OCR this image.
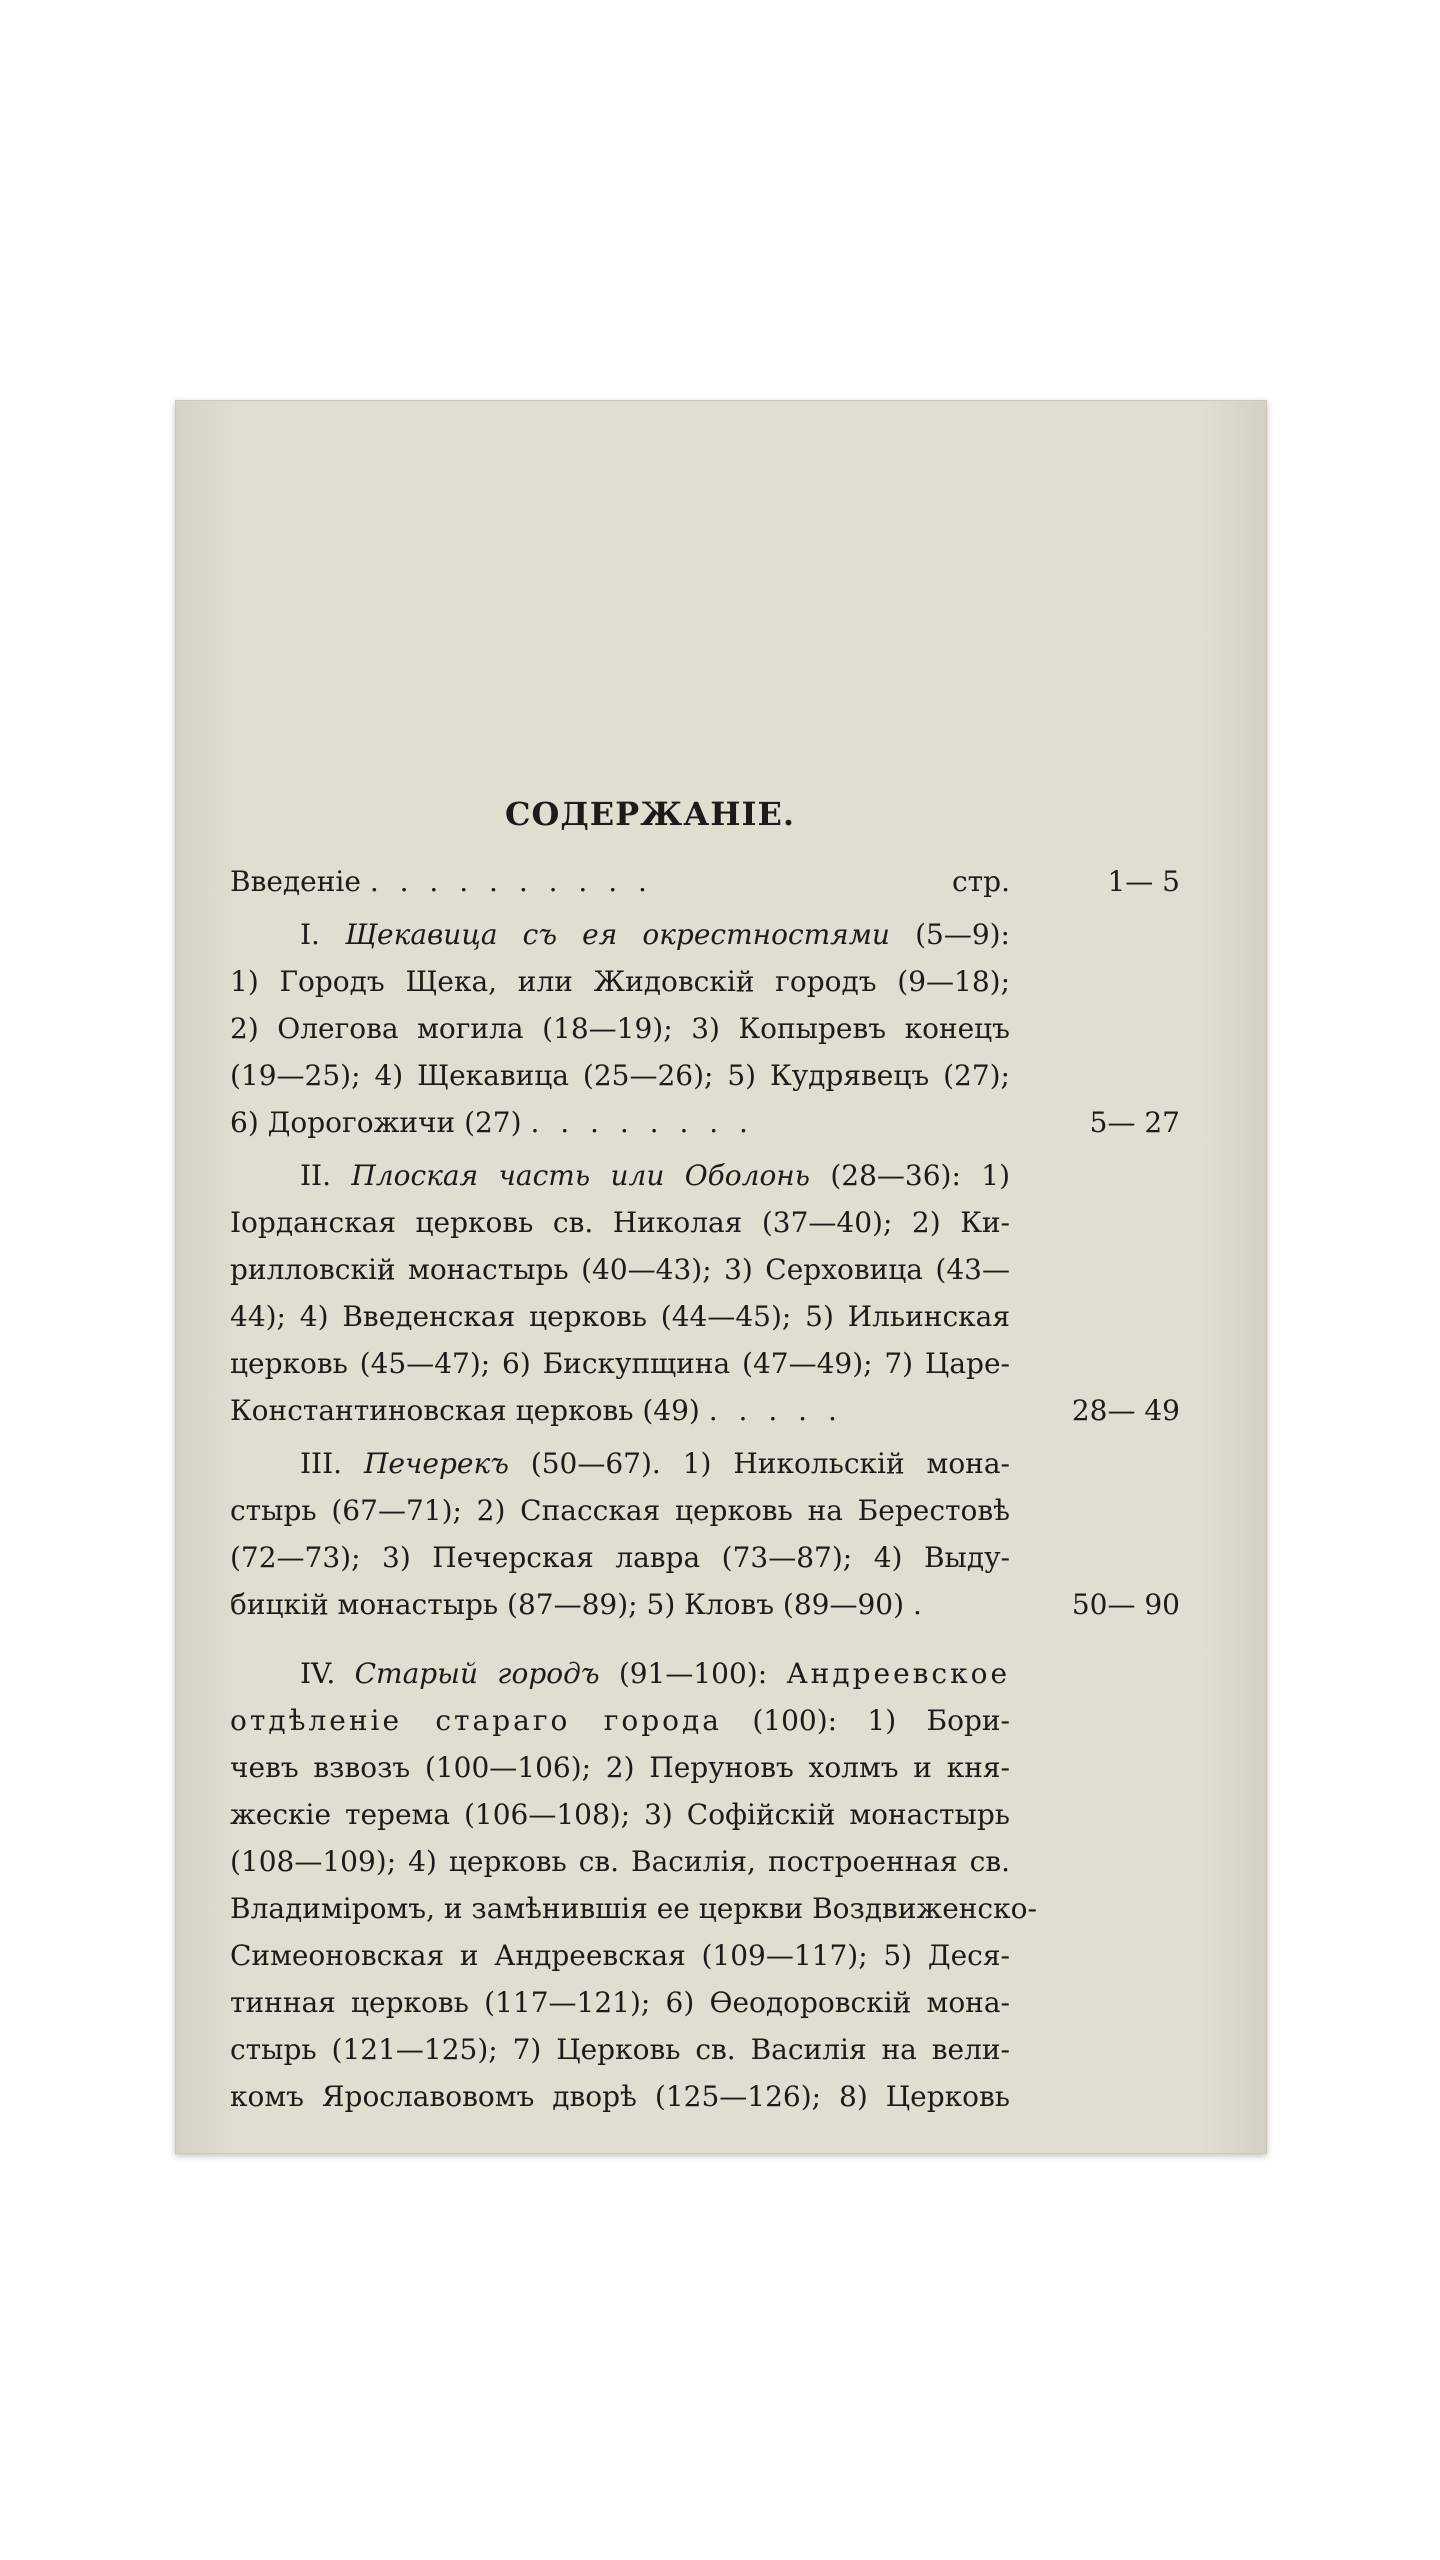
СОДЕРЖАНІЕ.
Введеніе . . . . . . . . . .	стр.	1— 5
I. Щекавица съ ея окрестностями (5—9):
1) Городъ Щека, или Жидовскій городъ (9—18);
2) Олегова могила (18—19); 3) Копыревъ конецъ
(19—25); 4) Щекавица (25—26); 5) Кудрявецъ (27);
6) Дорогожичи (27) . . . . . . . .	5— 27
II. Плоская часть или Оболонь (28—36): 1)
Іорданская церковь св. Николая (37—40); 2) Ки-
рилловскій монастырь (40—43); 3) Серховица (43—
44); 4) Введенская церковь (44—45); 5) Ильинская
церковь (45—47); 6) Бискупщина (47—49); 7) Царе-
Константиновская церковь (49) . . . . .	28— 49
III. Печерекъ (50—67). 1) Никольскій мона-
стырь (67—71); 2) Спасская церковь на Берестовѣ
(72—73); 3) Печерская лавра (73—87); 4) Выду-
бицкій монастырь (87—89); 5) Кловъ (89—90) .	50— 90
IV. Старый городъ (91—100): Андреевское
отдѣленіе стараго города (100): 1) Бори-
чевъ взвозъ (100—106); 2) Перуновъ холмъ и кня-
жескіе терема (106—108); 3) Софійскій монастырь
(108—109); 4) церковь св. Василія, построенная св.
Владиміромъ, и замѣнившія ее церкви Воздвиженско-
Симеоновская и Андреевская (109—117); 5) Деся-
тинная церковь (117—121); 6) Ѳеодоровскій мона-
стырь (121—125); 7) Церковь св. Василія на вели-
комъ Ярославовомъ дворѣ (125—126); 8) Церковь
